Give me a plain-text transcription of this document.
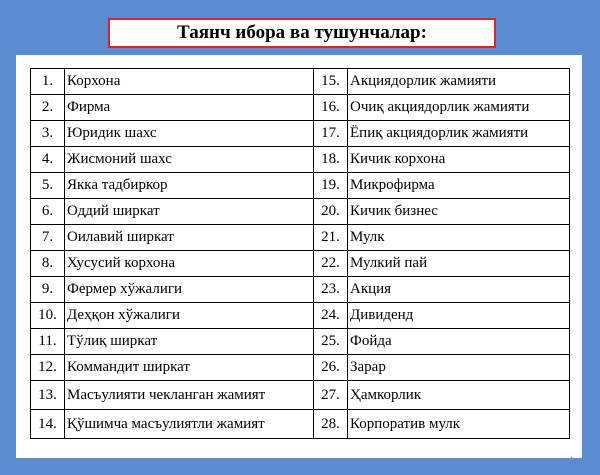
Таянч ибора ва тушунчалар:
1.	Корхона	15.	Акциядорлик жамияти
2.	Фирма	16.	Очиқ акциядорлик жамияти
3.	Юридик шахс	17.	Ёпиқ акциядорлик жамияти
4.	Жисмоний шахс	18.	Кичик корхона
5.	Якка тадбиркор	19.	Микрофирма
6.	Оддий ширкат	20.	Кичик бизнес
7.	Оилавий ширкат	21.	Мулк
8.	Хусусий корхона	22.	Мулкий пай
9.	Фермер хўжалиги	23.	Акция
10.	Деҳқон хўжалиги	24.	Дивиденд
11.	Тўлиқ ширкат	25.	Фойда
12.	Коммандит ширкат	26.	Зарар
13.	Масъулияти чекланган жамият	27.	Ҳамкорлик
14.	Қўшимча масъулиятли жамият	28.	Корпоратив мулк
4
